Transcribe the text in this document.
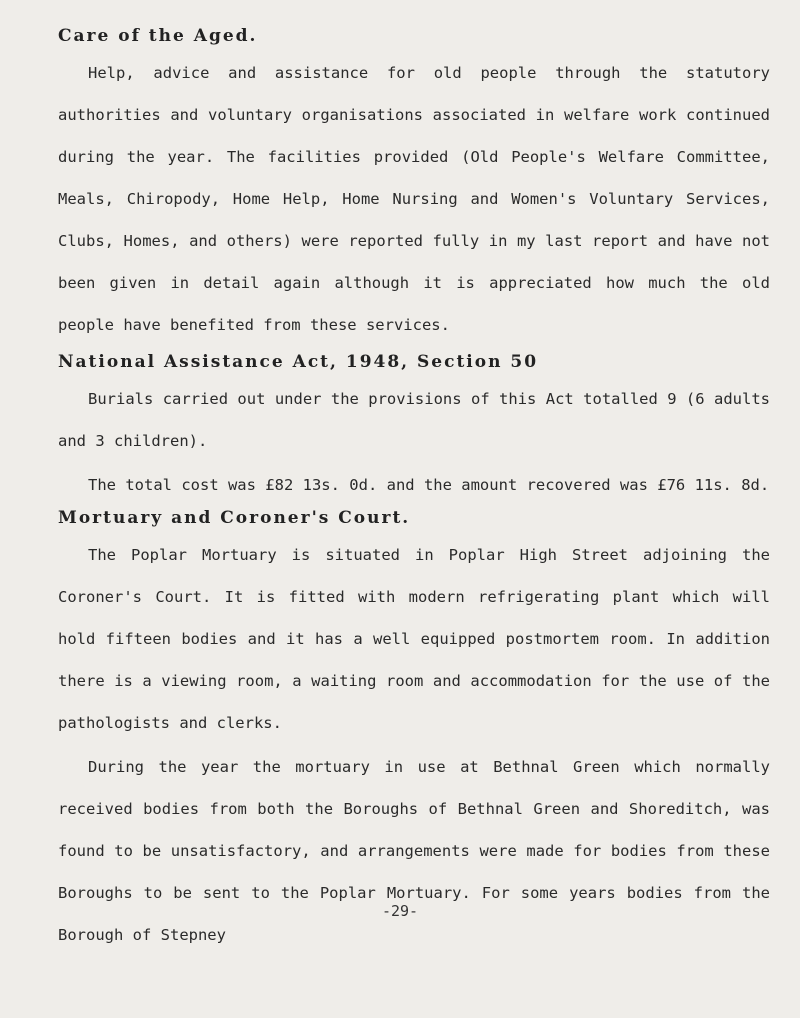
Care of the Aged.

Help, advice and assistance for old people through the statutory authorities and voluntary organisations associated in welfare work continued during the year. The facilities provided (Old People's Welfare Committee, Meals, Chiropody, Home Help, Home Nursing and Women's Voluntary Services, Clubs, Homes, and others) were reported fully in my last report and have not been given in detail again although it is appreciated how much the old people have benefited from these services.

National Assistance Act, 1948, Section 50

Burials carried out under the provisions of this Act totalled 9 (6 adults and 3 children).

The total cost was £82 13s. 0d. and the amount recovered was £76 11s. 8d.

Mortuary and Coroner's Court.

The Poplar Mortuary is situated in Poplar High Street adjoining the Coroner's Court. It is fitted with modern refrigerating plant which will hold fifteen bodies and it has a well equipped postmortem room. In addition there is a viewing room, a waiting room and accommodation for the use of the pathologists and clerks.

During the year the mortuary in use at Bethnal Green which normally received bodies from both the Boroughs of Bethnal Green and Shoreditch, was found to be unsatisfactory, and arrangements were made for bodies from these Boroughs to be sent to the Poplar Mortuary. For some years bodies from the Borough of Stepney

-29-
